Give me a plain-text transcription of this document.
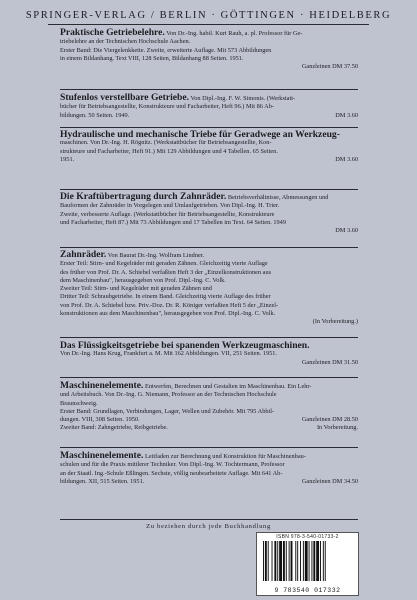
SPRINGER-VERLAG / BERLIN · GÖTTINGEN · HEIDELBERG

Praktische Getriebelehre. Von Dr.-Ing. habil. Kurt Rauh, a. pl. Professor für Ge-

triebelehre an der Technischen Hochschule Aachen.

Erster Band: Die Viergelenkkette. Zweite, erweiterte Auflage. Mit 573 Abbildungen

in einem Bildanhang. Text VIII, 128 Seiten, Bildanhang 88 Seiten. 1951.

Ganzleinen DM 37.50

Stufenlos verstellbare Getriebe. Von Dipl.-Ing. F. W. Simonis. (Werkstatt-

bücher für Betriebsangestellte, Konstrukteure und Facharbeiter, Heft 96.) Mit 86 Ab-

bildungen. 50 Seiten. 1949.	DM 3.60

Hydraulische und mechanische Triebe für Geradwege an Werkzeug-

maschinen. Von Dr.-Ing. H. Rögnitz. (Werkstattbücher für Betriebsangestellte, Kon-

strukteure und Facharbeiter, Heft 91.) Mit 129 Abbildungen und 4 Tabellen. 65 Seiten.

1951.	DM 3.60

Die Kraftübertragung durch Zahnräder. Betriebsverhältnisse, Abmessungen und

Bauformen der Zahnräder in Vorgelegen und Umlaufgetrieben. Von Dipl.-Ing. H. Trier.

Zweite, verbesserte Auflage. (Werkstattbücher für Betriebsangestellte, Konstrukteure

und Facharbeiter, Heft 87.) Mit 73 Abbildungen und 17 Tabellen im Text. 64 Seiten. 1949

DM 3.60

Zahnräder. Von Baurat Dr.-Ing. Wolfram Lindner.

Erster Teil: Stirn- und Kegelräder mit geraden Zähnen. Gleichzeitig vierte Auflage

des früher von Prof. Dr. A. Schiebel verfaßten Heft 3 der „Einzelkonstruktionen aus

dem Maschinenbau", herausgegeben von Prof. Dipl.-Ing. C. Volk.

Zweiter Teil: Stirn- und Kegelräder mit geraden Zähnen und

Dritter Teil: Schraubgetriebe. In einem Band. Gleichzeitig vierte Auflage des früher

von Prof. Dr. A. Schiebel bzw. Priv.-Doz. Dr. R. Königer verfaßten Heft 5 der „Einzel-

konstruktionen aus dem Maschinenbau", herausgegeben von Prof. Dipl.-Ing. C. Volk.

(In Vorbereitung.)

Das Flüssigkeitsgetriebe bei spanenden Werkzeugmaschinen.

Von Dr.-Ing. Hans Krug, Frankfurt a. M. Mit 162 Abbildungen. VII, 251 Seiten. 1951.

Ganzleinen DM 31.50

Maschinenelemente. Entwerfen, Berechnen und Gestalten im Maschinenbau. Ein Lehr-

und Arbeitsbuch. Von Dr.-Ing. G. Niemann, Professor an der Technischen Hochschule

Braunschweig.

Erster Band: Grundlagen, Verbindungen, Lager, Wellen und Zubehör. Mit 795 Abbil-

dungen. VIII, 308 Seiten. 1950.	Ganzleinen DM 28.50

Zweiter Band: Zahngetriebe, Reibgetriebe.	In Vorbereitung.

Maschinenelemente. Leitfaden zur Berechnung und Konstruktion für Maschinenbau-

schulen und für die Praxis mittlerer Techniker. Von Dipl.-Ing. W. Tochtermann, Professor

an der Staatl. Ing.-Schule Eßlingen. Sechste, völlig neubearbeitete Auflage. Mit 641 Ab-

bildungen. XII, 515 Seiten. 1951.	Ganzleinen DM 34.50

Zu beziehen durch jede Buchhandlung
ISBN 978-3-540-01733-2
9 783540 017332
